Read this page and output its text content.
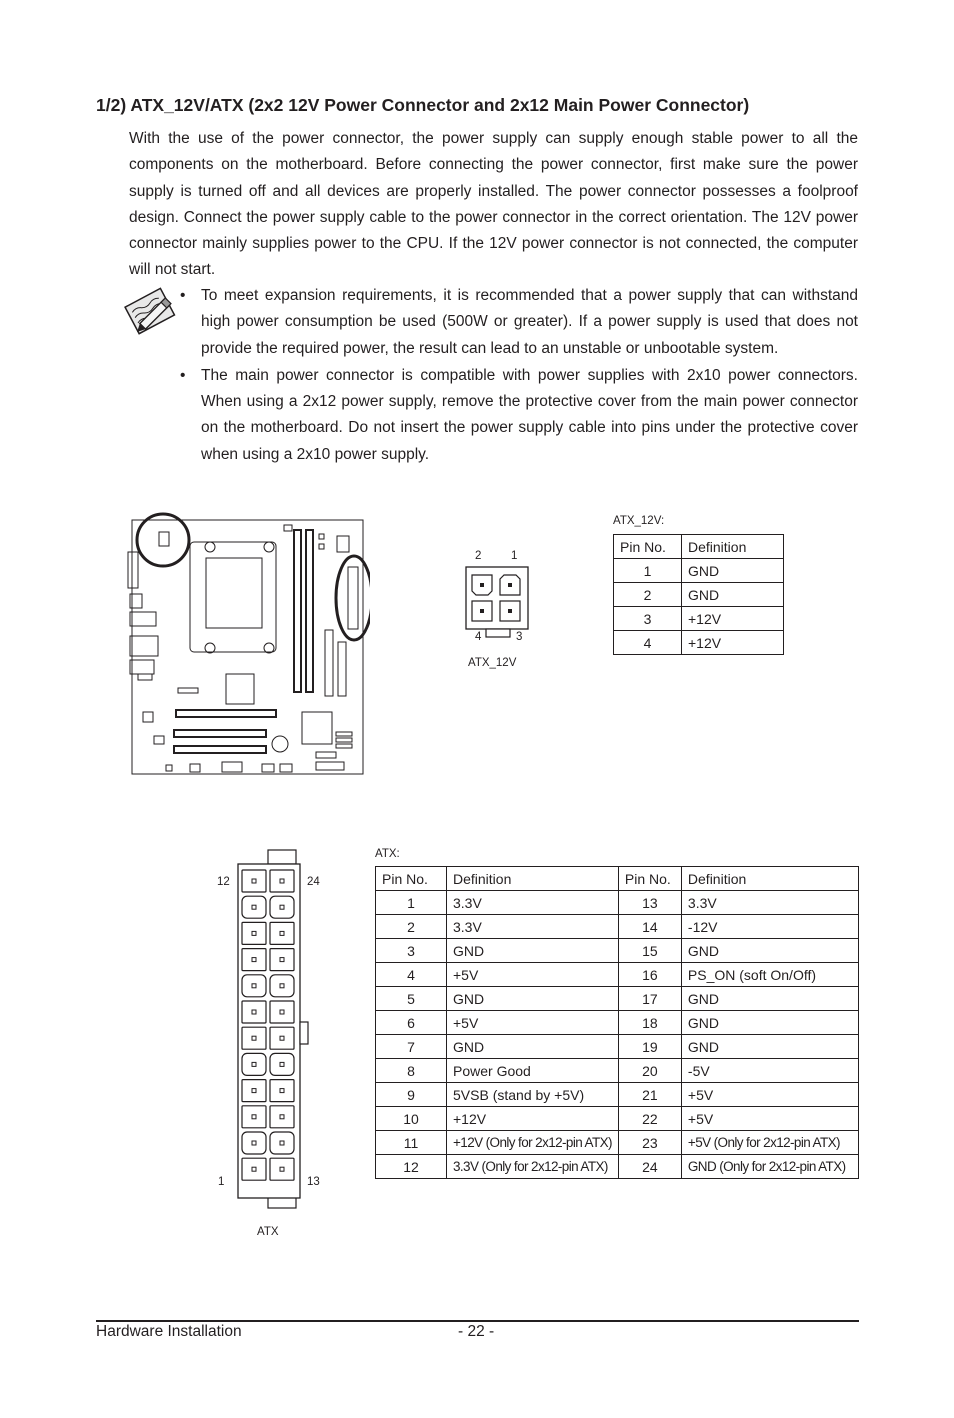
1/2) ATX_12V/ATX (2x2 12V Power Connector and 2x12 Main Power Connector)

With the use of the power connector, the power supply can supply enough stable power to all the components on the motherboard. Before connecting the power connector, first make sure the power supply is turned off and all devices are properly installed. The power connector possesses a foolproof design. Connect the power supply cable to the power connector in the correct orientation. The 12V power connector mainly supplies power to the CPU. If the 12V power connector is not connected, the computer will not start.

• To meet expansion requirements, it is recommended that a power supply that can withstand high power consumption be used (500W or greater). If a power supply is used that does not provide the required power, the result can lead to an unstable or unbootable system.
• The main power connector is compatible with power supplies with 2x10 power connectors. When using a 2x12 power supply, remove the protective cover from the main power connector on the motherboard. Do not insert the power supply cable into pins under the protective cover when using a 2x10 power supply.
2	1
4	3
ATX_12V
ATX_12V:
Pin No.	Definition
1	GND
2	GND
3	+12V
4	+12V
12	24
1	13
ATX
ATX:
Pin No.	Definition	Pin No.	Definition
1	3.3V	13	3.3V
2	3.3V	14	-12V
3	GND	15	GND
4	+5V	16	PS_ON (soft On/Off)
5	GND	17	GND
6	+5V	18	GND
7	GND	19	GND
8	Power Good	20	-5V
9	5VSB (stand by +5V)	21	+5V
10	+12V	22	+5V
11	+12V (Only for 2x12-pin ATX)	23	+5V (Only for 2x12-pin ATX)
12	3.3V (Only for 2x12-pin ATX)	24	GND (Only for 2x12-pin ATX)
Hardware Installation	- 22 -
